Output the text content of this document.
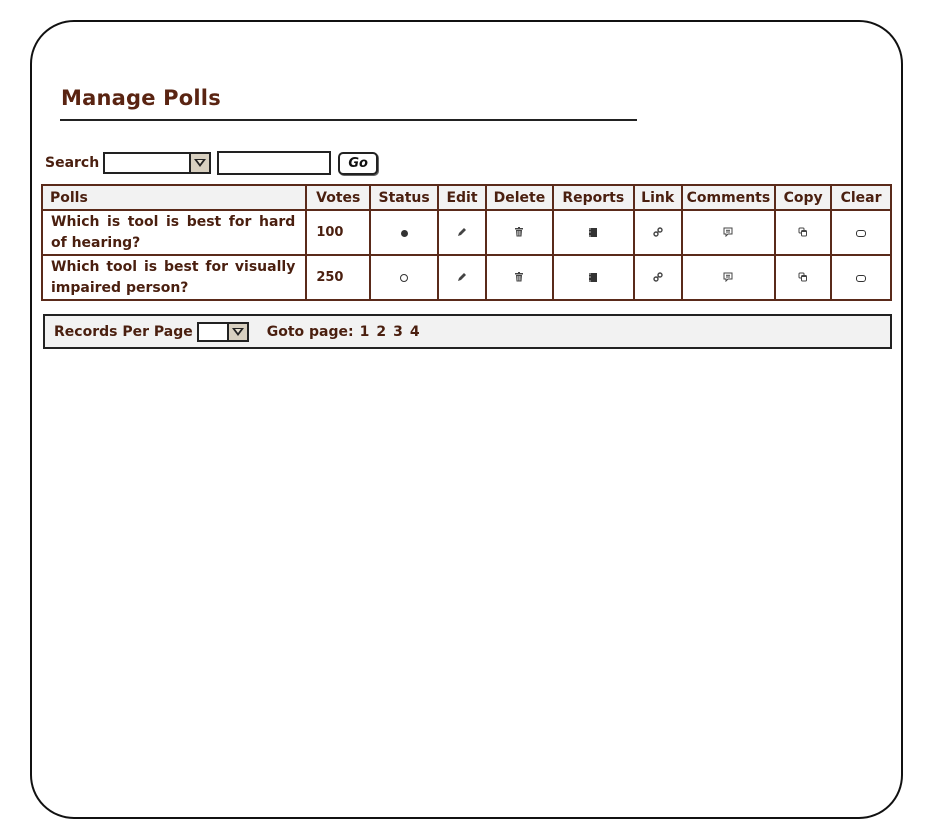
Manage Polls
Search	Go
Polls	Votes	Status	Edit	Delete	Reports	Link	Comments	Copy	Clear
Which is tool is best for hard of hearing?	100								
Which tool is best for visually impaired person?	250								
Records Per Page	Goto page: 1 2 3 4
